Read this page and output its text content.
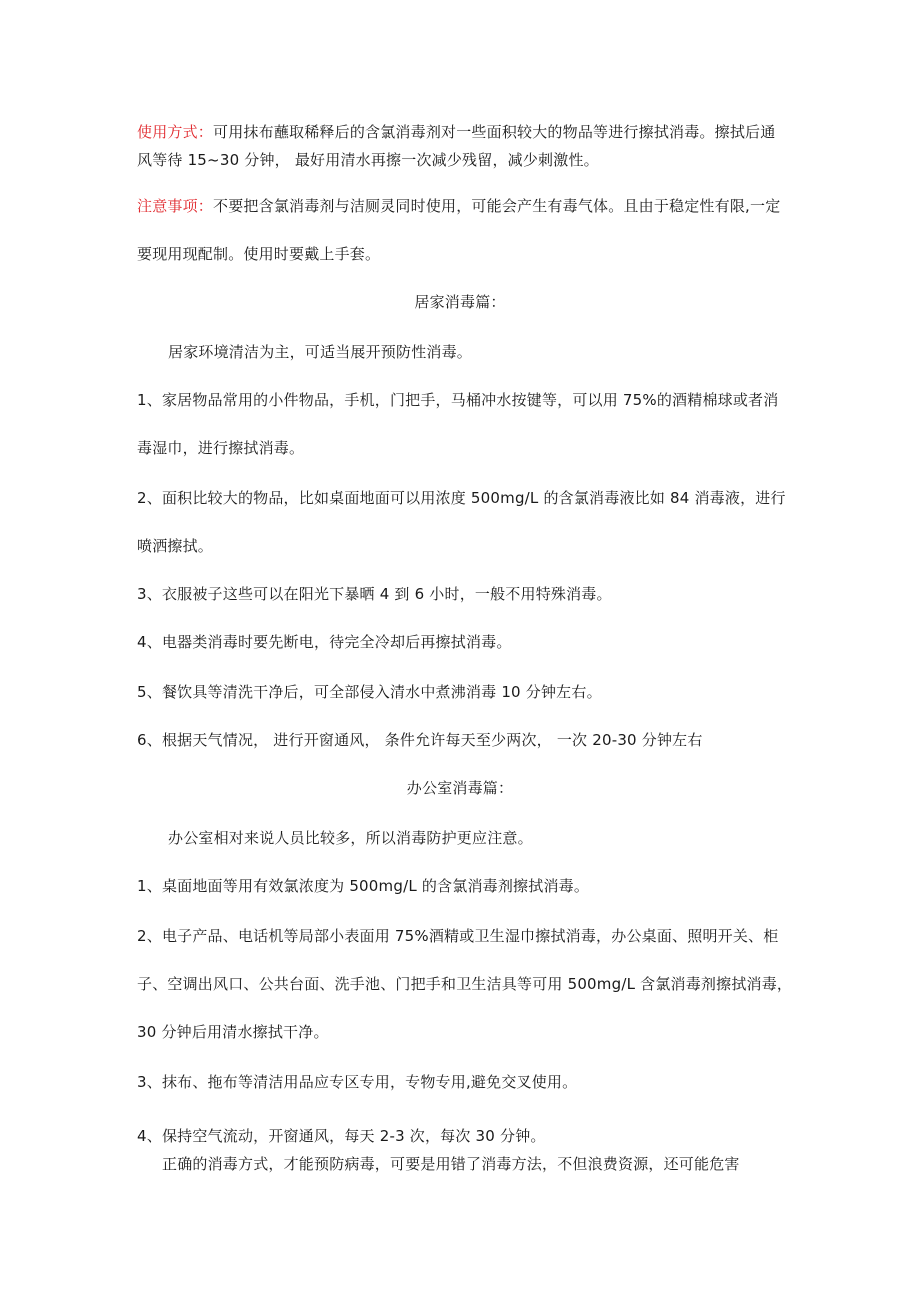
使用方式：可用抹布蘸取稀释后的含氯消毒剂对一些面积较大的物品等进行擦拭消毒。擦拭后通
风等待 15~30 分钟， 最好用清水再擦一次减少残留，减少刺激性。
注意事项：不要把含氯消毒剂与洁厕灵同时使用，可能会产生有毒气体。且由于稳定性有限,一定
要现用现配制。使用时要戴上手套。
居家消毒篇：
居家环境清洁为主，可适当展开预防性消毒。
1、家居物品常用的小件物品，手机，门把手，马桶冲水按键等，可以用 75%的酒精棉球或者消
毒湿巾，进行擦拭消毒。
2、面积比较大的物品，比如桌面地面可以用浓度 500mg/L 的含氯消毒液比如 84 消毒液，进行
喷洒擦拭。
3、衣服被子这些可以在阳光下暴晒 4 到 6 小时，一般不用特殊消毒。
4、电器类消毒时要先断电，待完全冷却后再擦拭消毒。
5、餐饮具等清洗干净后，可全部侵入清水中煮沸消毒 10 分钟左右。
6、根据天气情况， 进行开窗通风， 条件允许每天至少两次， 一次 20-30 分钟左右
办公室消毒篇：
办公室相对来说人员比较多，所以消毒防护更应注意。
1、桌面地面等用有效氯浓度为 500mg/L 的含氯消毒剂擦拭消毒。
2、电子产品、电话机等局部小表面用 75%酒精或卫生湿巾擦拭消毒，办公桌面、照明开关、柜
子、空调出风口、公共台面、洗手池、门把手和卫生洁具等可用 500mg/L 含氯消毒剂擦拭消毒，
30 分钟后用清水擦拭干净。
3、抹布、拖布等清洁用品应专区专用，专物专用,避免交叉使用。
4、保持空气流动，开窗通风，每天 2-3 次，每次 30 分钟。
正确的消毒方式，才能预防病毒，可要是用错了消毒方法，不但浪费资源，还可能危害
